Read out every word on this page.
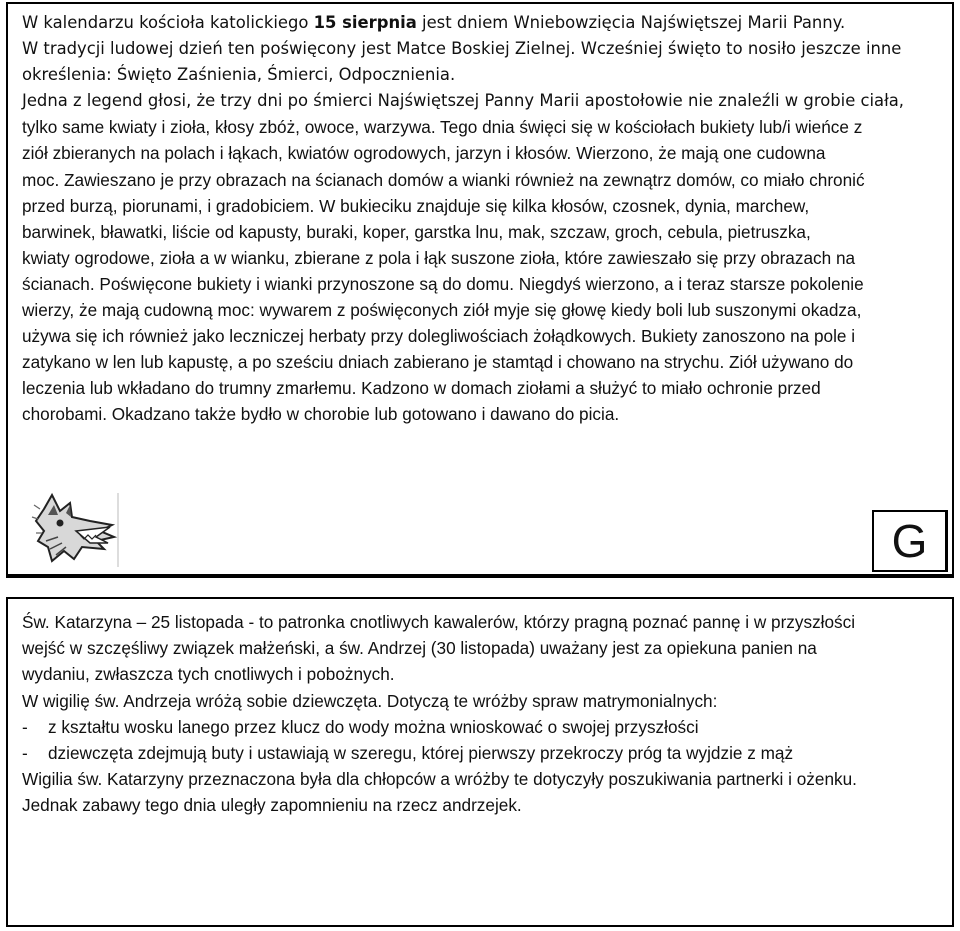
W kalendarzu kościoła katolickiego 15 sierpnia jest dniem Wniebowzięcia Najświętszej Marii Panny.
W tradycji ludowej dzień ten poświęcony jest Matce Boskiej Zielnej. Wcześniej święto to nosiło jeszcze inne
określenia: Święto Zaśnienia, Śmierci, Odpocznienia.
Jedna z legend głosi, że trzy dni po śmierci Najświętszej Panny Marii apostołowie nie znaleźli w grobie ciała,
tylko same kwiaty i zioła, kłosy zbóż, owoce, warzywa. Tego dnia święci się w kościołach bukiety lub/i wieńce z
ziół zbieranych na polach i łąkach, kwiatów ogrodowych, jarzyn i kłosów. Wierzono, że mają one cudowna
moc. Zawieszano je przy obrazach na ścianach domów a wianki również na zewnątrz domów, co miało chronić
przed burzą, piorunami, i gradobiciem. W bukieciku znajduje się kilka kłosów, czosnek, dynia, marchew,
barwinek, bławatki, liście od kapusty, buraki, koper, garstka lnu, mak, szczaw, groch, cebula, pietruszka,
kwiaty ogrodowe, zioła a w wianku, zbierane z pola i łąk suszone zioła, które zawieszało się przy obrazach na
ścianach. Poświęcone bukiety i wianki przynoszone są do domu. Niegdyś wierzono, a i teraz starsze pokolenie
wierzy, że mają cudowną moc: wywarem z poświęconych ziół myje się głowę kiedy boli lub suszonymi okadza,
używa się ich również jako leczniczej herbaty przy dolegliwościach żołądkowych. Bukiety zanoszono na pole i
zatykano w len lub kapustę, a po sześciu dniach zabierano je stamtąd i chowano na strychu. Ziół używano do
leczenia lub wkładano do trumny zmarłemu. Kadzono w domach ziołami a służyć to miało ochronie przed
chorobami. Okadzano także bydło w chorobie lub gotowano i dawano do picia.
G
Św. Katarzyna – 25 listopada - to patronka cnotliwych kawalerów, którzy pragną poznać pannę i w przyszłości
wejść w szczęśliwy związek małżeński, a św. Andrzej (30 listopada) uważany jest za opiekuna panien na
wydaniu, zwłaszcza tych cnotliwych i pobożnych.
W wigilię św. Andrzeja wróżą sobie dziewczęta. Dotyczą te wróżby spraw matrymonialnych:
- z kształtu wosku lanego przez klucz do wody można wnioskować o swojej przyszłości
- dziewczęta zdejmują buty i ustawiają w szeregu, której pierwszy przekroczy próg ta wyjdzie z mąż
Wigilia św. Katarzyny przeznaczona była dla chłopców a wróżby te dotyczyły poszukiwania partnerki i ożenku.
Jednak zabawy tego dnia uległy zapomnieniu na rzecz andrzejek.
